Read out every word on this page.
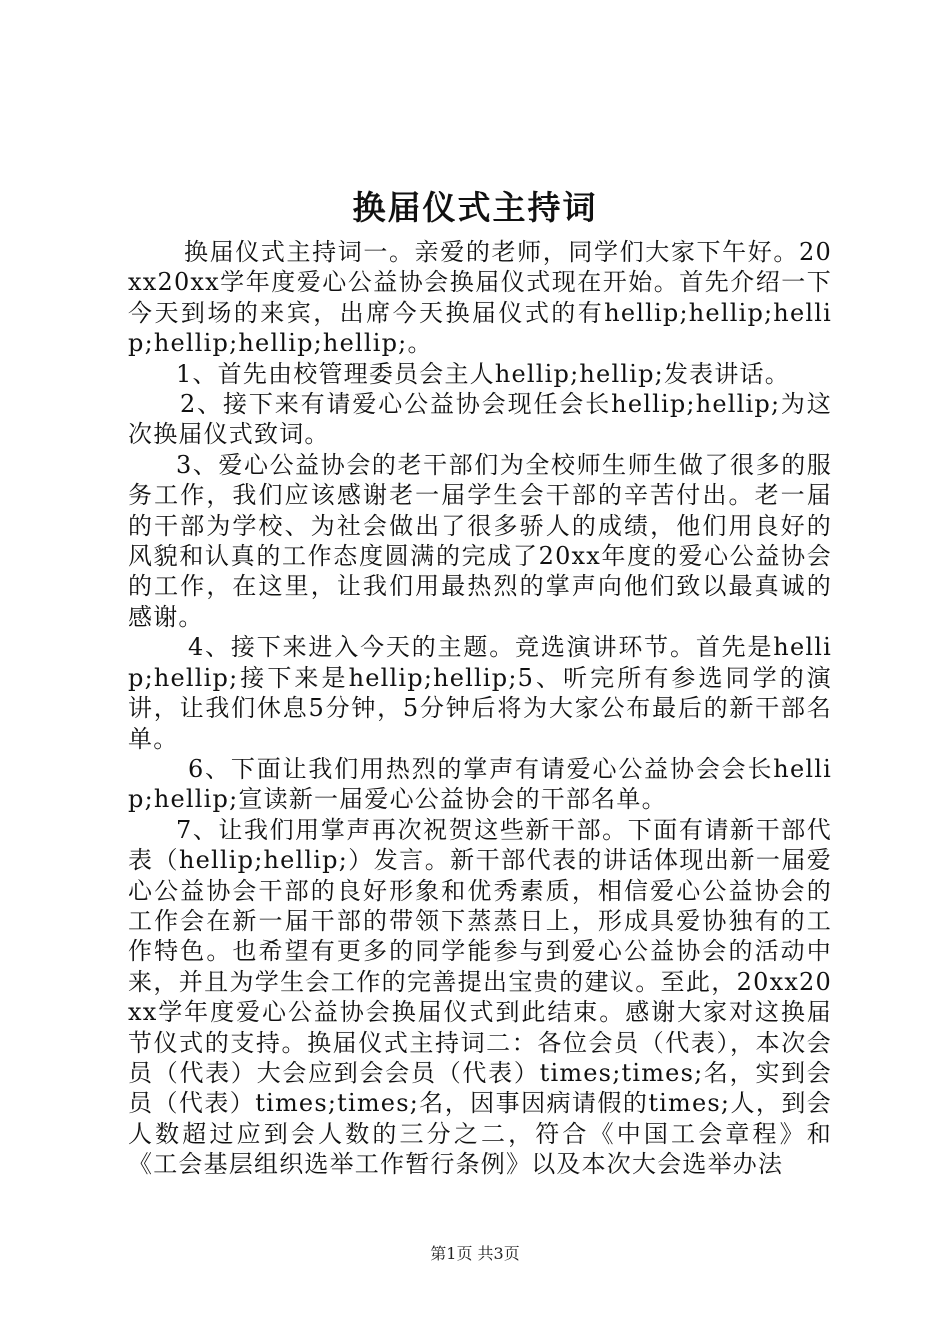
换届仪式主持词

换届仪式主持词一。亲爱的老师，同学们大家下午好。20xx20xx学年度爱心公益协会换届仪式现在开始。首先介绍一下今天到场的来宾，出席今天换届仪式的有hellip;hellip;hellip;hellip;hellip;hellip;。

1、首先由校管理委员会主人hellip;hellip;发表讲话。

2、接下来有请爱心公益协会现任会长hellip;hellip;为这次换届仪式致词。

3、爱心公益协会的老干部们为全校师生师生做了很多的服务工作，我们应该感谢老一届学生会干部的辛苦付出。老一届的干部为学校、为社会做出了很多骄人的成绩，他们用良好的风貌和认真的工作态度圆满的完成了20xx年度的爱心公益协会的工作，在这里，让我们用最热烈的掌声向他们致以最真诚的感谢。

4、接下来进入今天的主题。竞选演讲环节。首先是hellip;hellip;接下来是hellip;hellip;5、听完所有参选同学的演讲，让我们休息5分钟，5分钟后将为大家公布最后的新干部名单。

6、下面让我们用热烈的掌声有请爱心公益协会会长hellip;hellip;宣读新一届爱心公益协会的干部名单。

7、让我们用掌声再次祝贺这些新干部。下面有请新干部代表（hellip;hellip;）发言。新干部代表的讲话体现出新一届爱心公益协会干部的良好形象和优秀素质，相信爱心公益协会的工作会在新一届干部的带领下蒸蒸日上，形成具爱协独有的工作特色。也希望有更多的同学能参与到爱心公益协会的活动中来，并且为学生会工作的完善提出宝贵的建议。至此，20xx20xx学年度爱心公益协会换届仪式到此结束。感谢大家对这换届节仪式的支持。换届仪式主持词二：各位会员（代表），本次会员（代表）大会应到会会员（代表）times;times;名，实到会员（代表）times;times;名，因事因病请假的times;人，到会人数超过应到会人数的三分之二，符合《中国工会章程》和《工会基层组织选举工作暂行条例》以及本次大会选举办法

第1页 共3页
